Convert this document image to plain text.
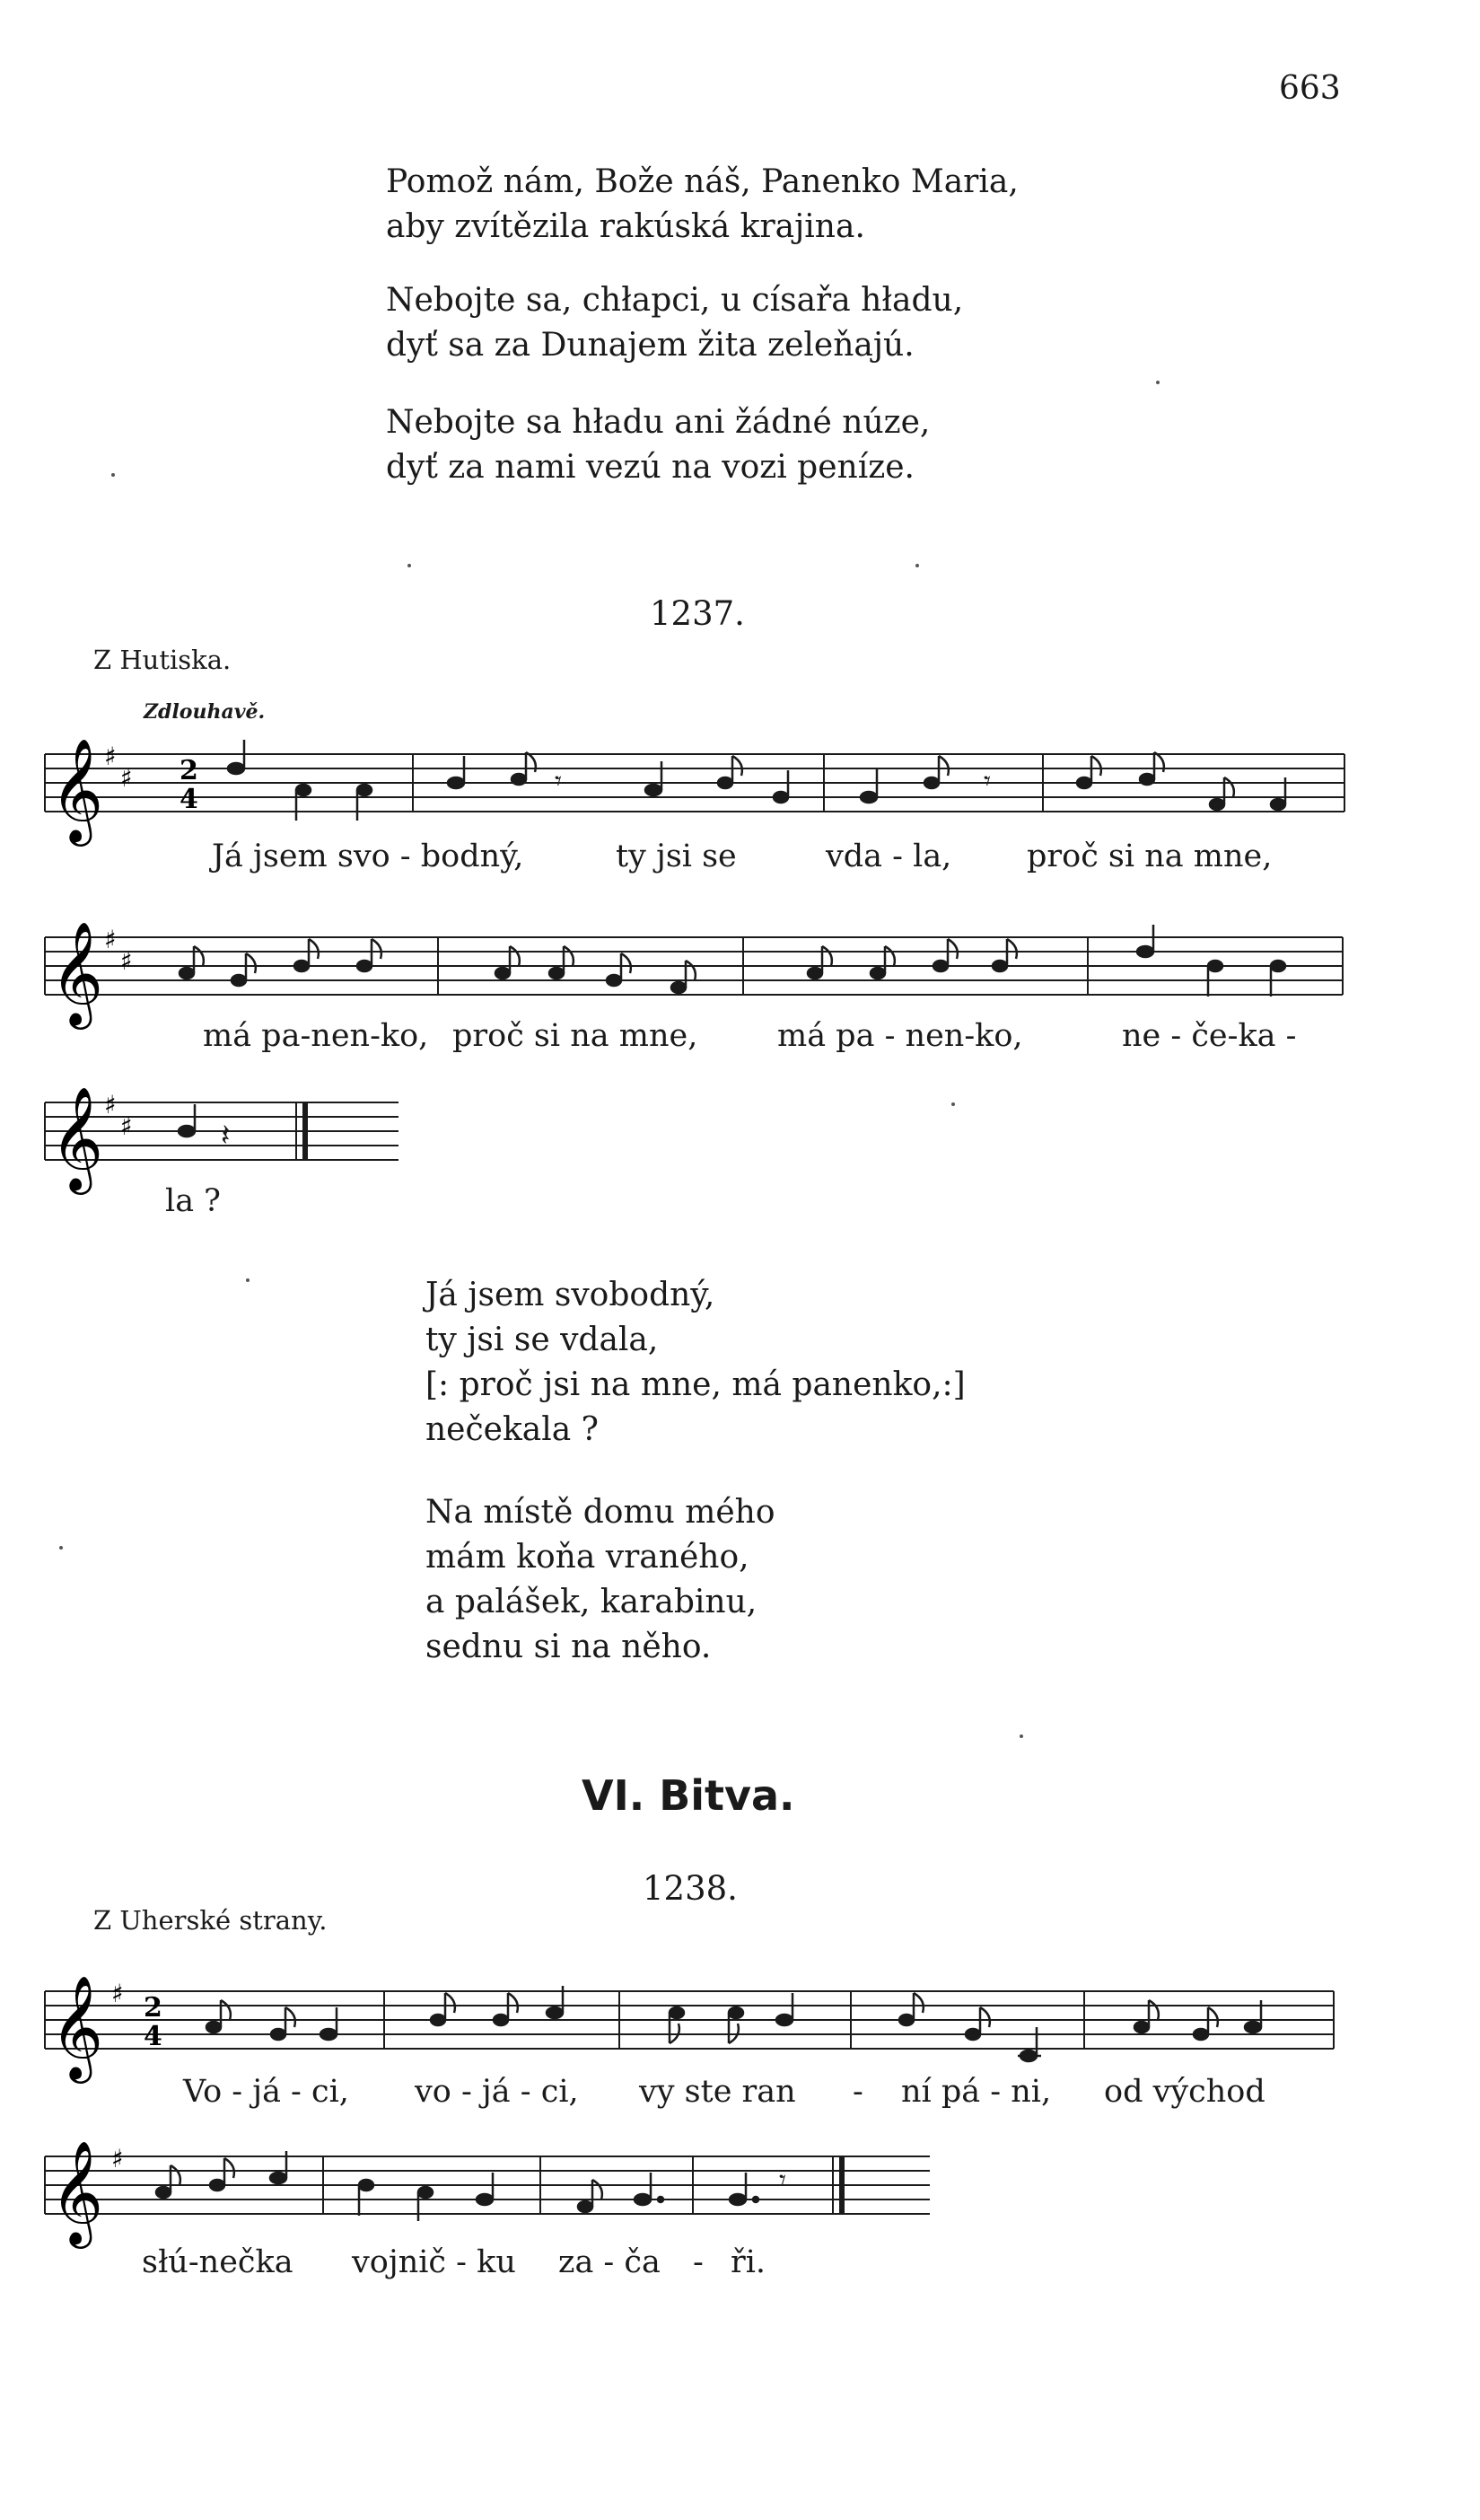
663
Pomož nám, Bože náš, Panenko Maria,
aby zvítězila rakúská krajina.
Nebojte sa, chłapci, u císařa hładu,
dyť sa za Dunajem žita zeleňajú.
Nebojte sa hładu ani žádné núze,
dyť za nami vezú na vozi peníze.
1237.
Z Hutiska.
Zdlouhavě.
𝄞 ♯
♯ 2 4
𝄾	𝄾
Já jsem svo - bodný,	ty jsi se	vda - la, proč si na mne,
𝄞 ♯
♯
má pa-nen-ko, proč si na mne,	má pa - nen-ko,	ne - če-ka -
𝄞 ♯
♯	𝄽
la ?
Já jsem svobodný,
ty jsi se vdala,
[: proč jsi na mne, má panenko,:]
nečekala ?
Na místě domu mého
mám koňa vraného,
a palášek, karabinu,
sednu si na něho.
VI. Bitva.
1238.
Z Uherské strany.
𝄞 ♯ 2 4
Vo - já - ci, vo - já - ci, vy ste ran - ní pá - ni, od východ
𝄞 ♯
𝄾
słú-nečka vojnič - ku za - ča - ři.
